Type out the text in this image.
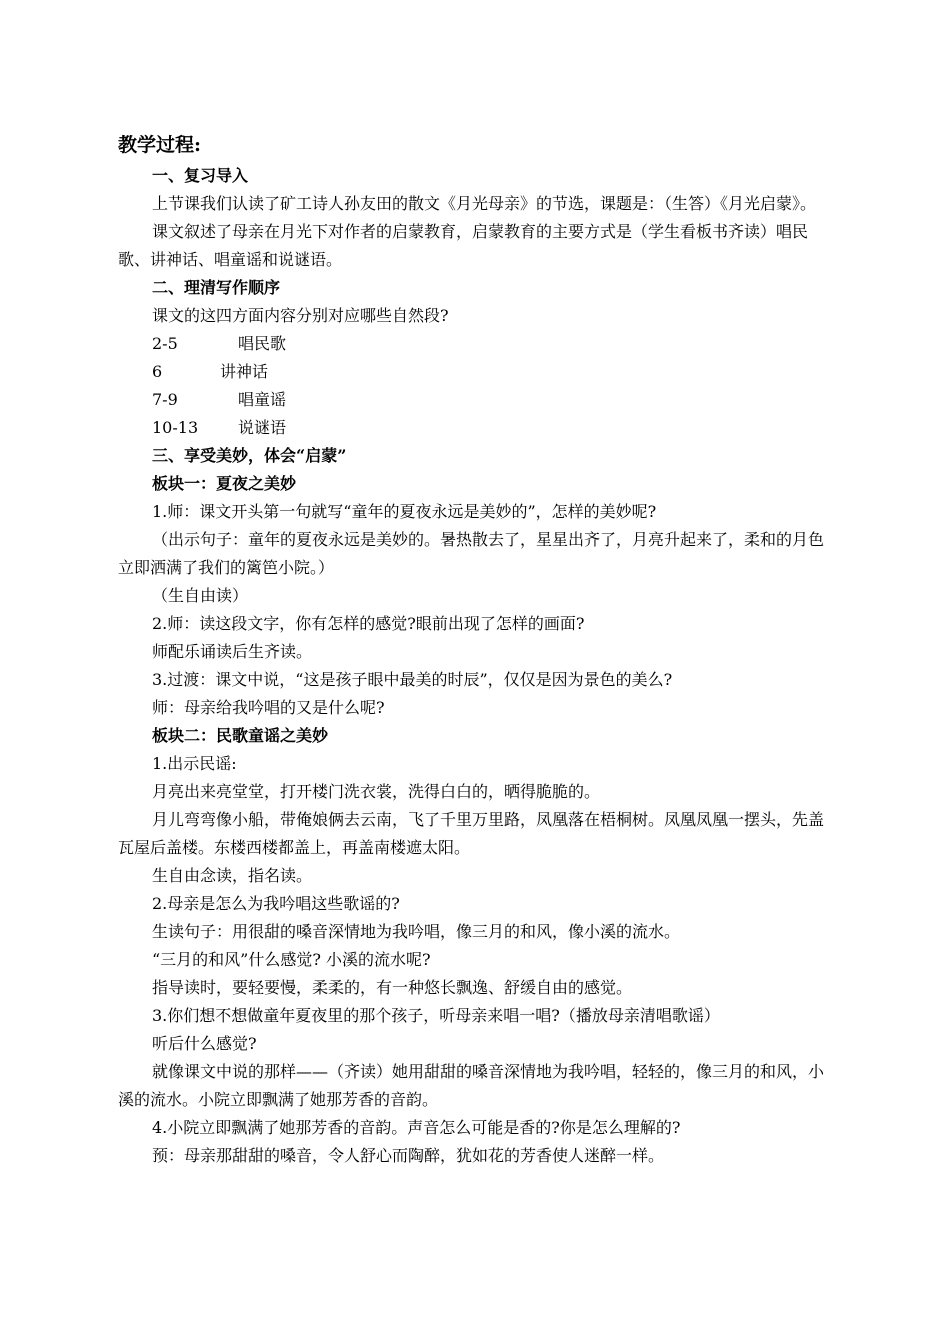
教学过程:

一、复习导入

上节课我们认读了矿工诗人孙友田的散文《月光母亲》的节选，课题是：（生答）《月光启蒙》。

课文叙述了母亲在月光下对作者的启蒙教育，启蒙教育的主要方式是（学生看板书齐读）唱民歌、讲神话、唱童谣和说谜语。

二、理清写作顺序

课文的这四方面内容分别对应哪些自然段?

2-5	唱民歌
6	讲神话
7-9	唱童谣
10-13	说谜语

三、享受美妙，体会“启蒙”

板块一：夏夜之美妙

1.师：课文开头第一句就写“童年的夏夜永远是美妙的”，怎样的美妙呢?

（出示句子：童年的夏夜永远是美妙的。暑热散去了，星星出齐了，月亮升起来了，柔和的月色立即洒满了我们的篱笆小院。）

（生自由读）

2.师：读这段文字，你有怎样的感觉?眼前出现了怎样的画面?

师配乐诵读后生齐读。

3.过渡：课文中说，“这是孩子眼中最美的时辰”，仅仅是因为景色的美么?

师：母亲给我吟唱的又是什么呢?

板块二：民歌童谣之美妙

1.出示民谣:

月亮出来亮堂堂，打开楼门洗衣裳，洗得白白的，晒得脆脆的。

月儿弯弯像小船，带俺娘俩去云南，飞了千里万里路，凤凰落在梧桐树。凤凰凤凰一摆头，先盖瓦屋后盖楼。东楼西楼都盖上，再盖南楼遮太阳。

生自由念读，指名读。

2.母亲是怎么为我吟唱这些歌谣的?

生读句子：用很甜的嗓音深情地为我吟唱，像三月的和风，像小溪的流水。

“三月的和风”什么感觉? 小溪的流水呢?

指导读时，要轻要慢，柔柔的，有一种悠长飘逸、舒缓自由的感觉。

3.你们想不想做童年夏夜里的那个孩子，听母亲来唱一唱?（播放母亲清唱歌谣）

听后什么感觉?

就像课文中说的那样——（齐读）她用甜甜的嗓音深情地为我吟唱，轻轻的，像三月的和风，小溪的流水。小院立即飘满了她那芳香的音韵。

4.小院立即飘满了她那芳香的音韵。声音怎么可能是香的?你是怎么理解的?

预：母亲那甜甜的嗓音，令人舒心而陶醉，犹如花的芳香使人迷醉一样。
